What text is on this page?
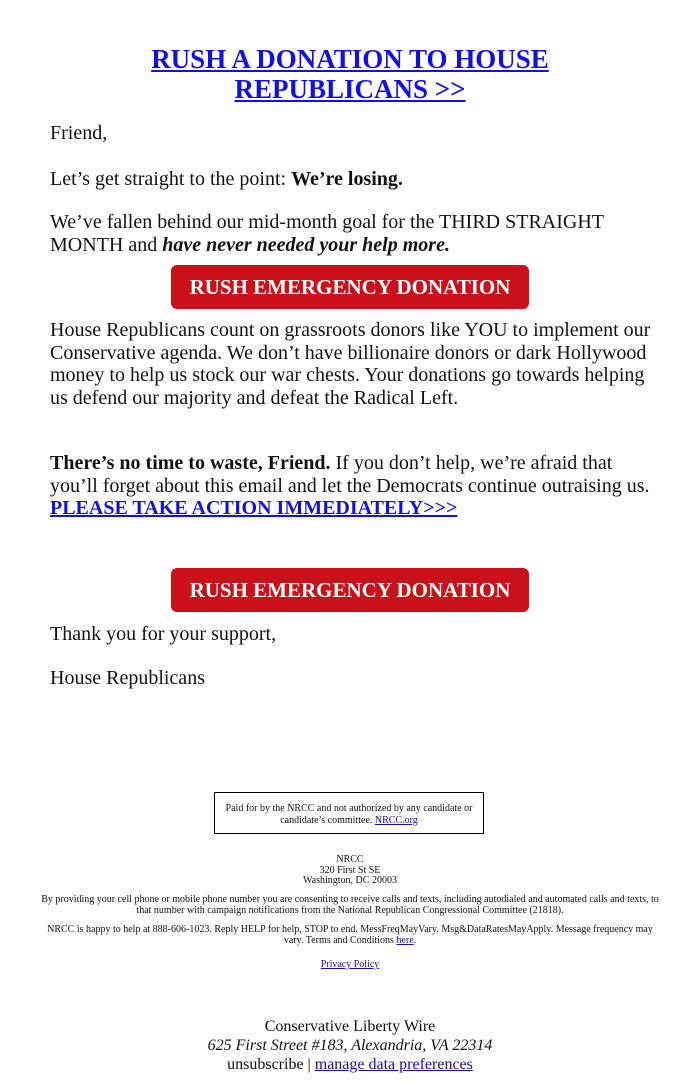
RUSH A DONATION TO HOUSE
REPUBLICANS >>

Friend,

Let’s get straight to the point: We’re losing.

We’ve fallen behind our mid-month goal for the THIRD STRAIGHT MONTH and have never needed your help more.

RUSH EMERGENCY DONATION

House Republicans count on grassroots donors like YOU to implement our Conservative agenda. We don’t have billionaire donors or dark Hollywood money to help us stock our war chests. Your donations go towards helping us defend our majority and defeat the Radical Left.

There’s no time to waste, Friend. If you don’t help, we’re afraid that you’ll forget about this email and let the Democrats continue outraising us. PLEASE TAKE ACTION IMMEDIATELY>>>

RUSH EMERGENCY DONATION

Thank you for your support,

House Republicans

Paid for by the NRCC and not authorized by any candidate or candidate’s committee. NRCC.org

NRCC
320 First St SE
Washington, DC 20003

By providing your cell phone or mobile phone number you are consenting to receive calls and texts, including autodialed and automated calls and texts, to that number with campaign notifications from the National Republican Congressional Committee (21818).

NRCC is happy to help at 888-606-1023. Reply HELP for help, STOP to end. MessFreqMayVary. Msg&DataRatesMayApply. Message frequency may vary. Terms and Conditions here.

Privacy Policy

Conservative Liberty Wire
625 First Street #183, Alexandria, VA 22314
unsubscribe | manage data preferences
